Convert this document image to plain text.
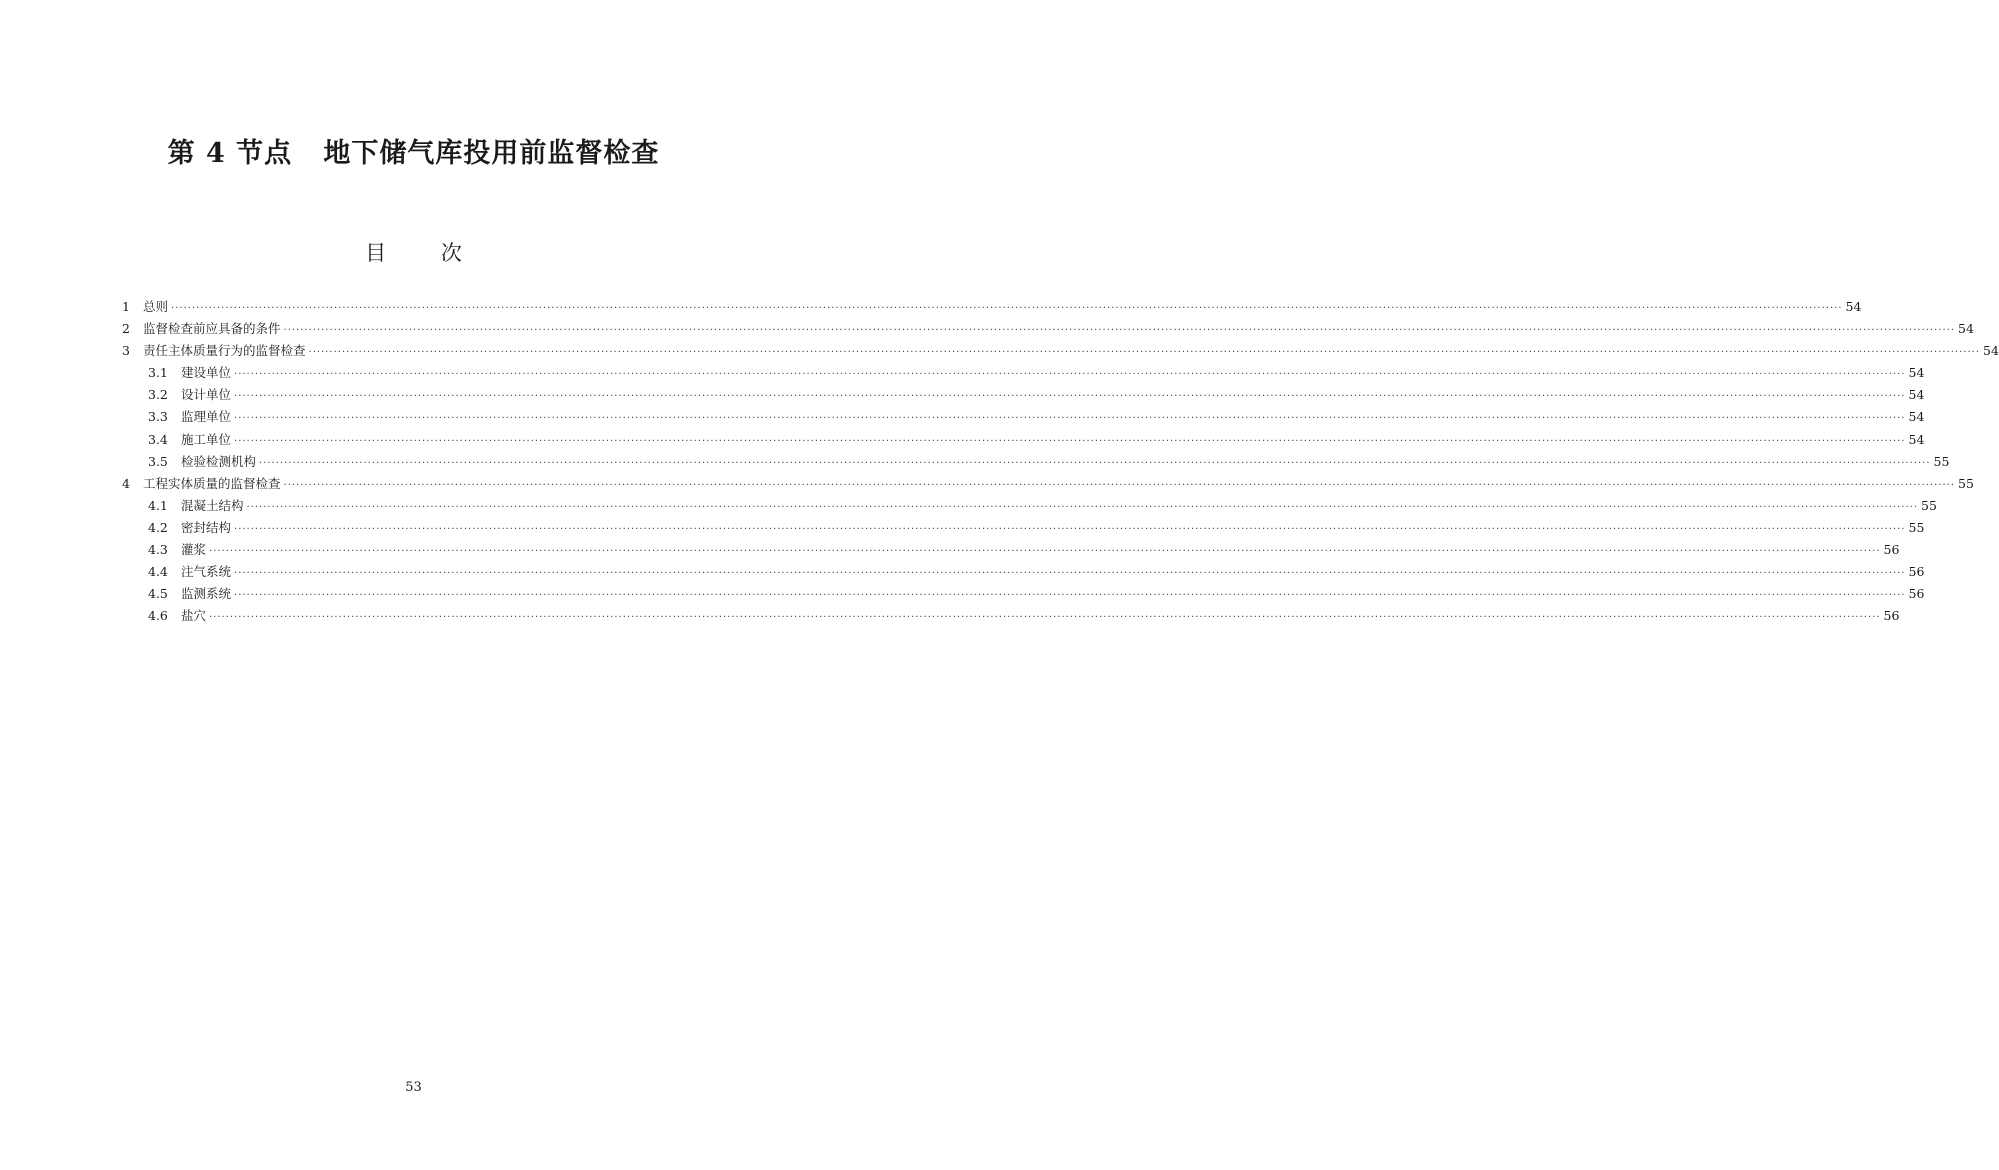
第 4 节点   地下储气库投用前监督检查
目 次
1	总则 ················································································································································································································································································································································································································ 54
2	监督检查前应具备的条件 ················································································································································································································································································································································································································ 54
3	责任主体质量行为的监督检查 ················································································································································································································································································································································································································ 54
3.1	建设单位 ················································································································································································································································································································································································································ 54
3.2	设计单位 ················································································································································································································································································································································································································ 54
3.3	监理单位 ················································································································································································································································································································································································································ 54
3.4	施工单位 ················································································································································································································································································································································································································ 54
3.5	检验检测机构 ················································································································································································································································································································································································································ 55
4	工程实体质量的监督检查 ················································································································································································································································································································································································································ 55
4.1	混凝土结构 ················································································································································································································································································································································································································ 55
4.2	密封结构 ················································································································································································································································································································································································································ 55
4.3	灌浆 ················································································································································································································································································································································································································ 56
4.4	注气系统 ················································································································································································································································································································································································································ 56
4.5	监测系统 ················································································································································································································································································································································································································ 56
4.6	盐穴 ················································································································································································································································································································································································································ 56
53
